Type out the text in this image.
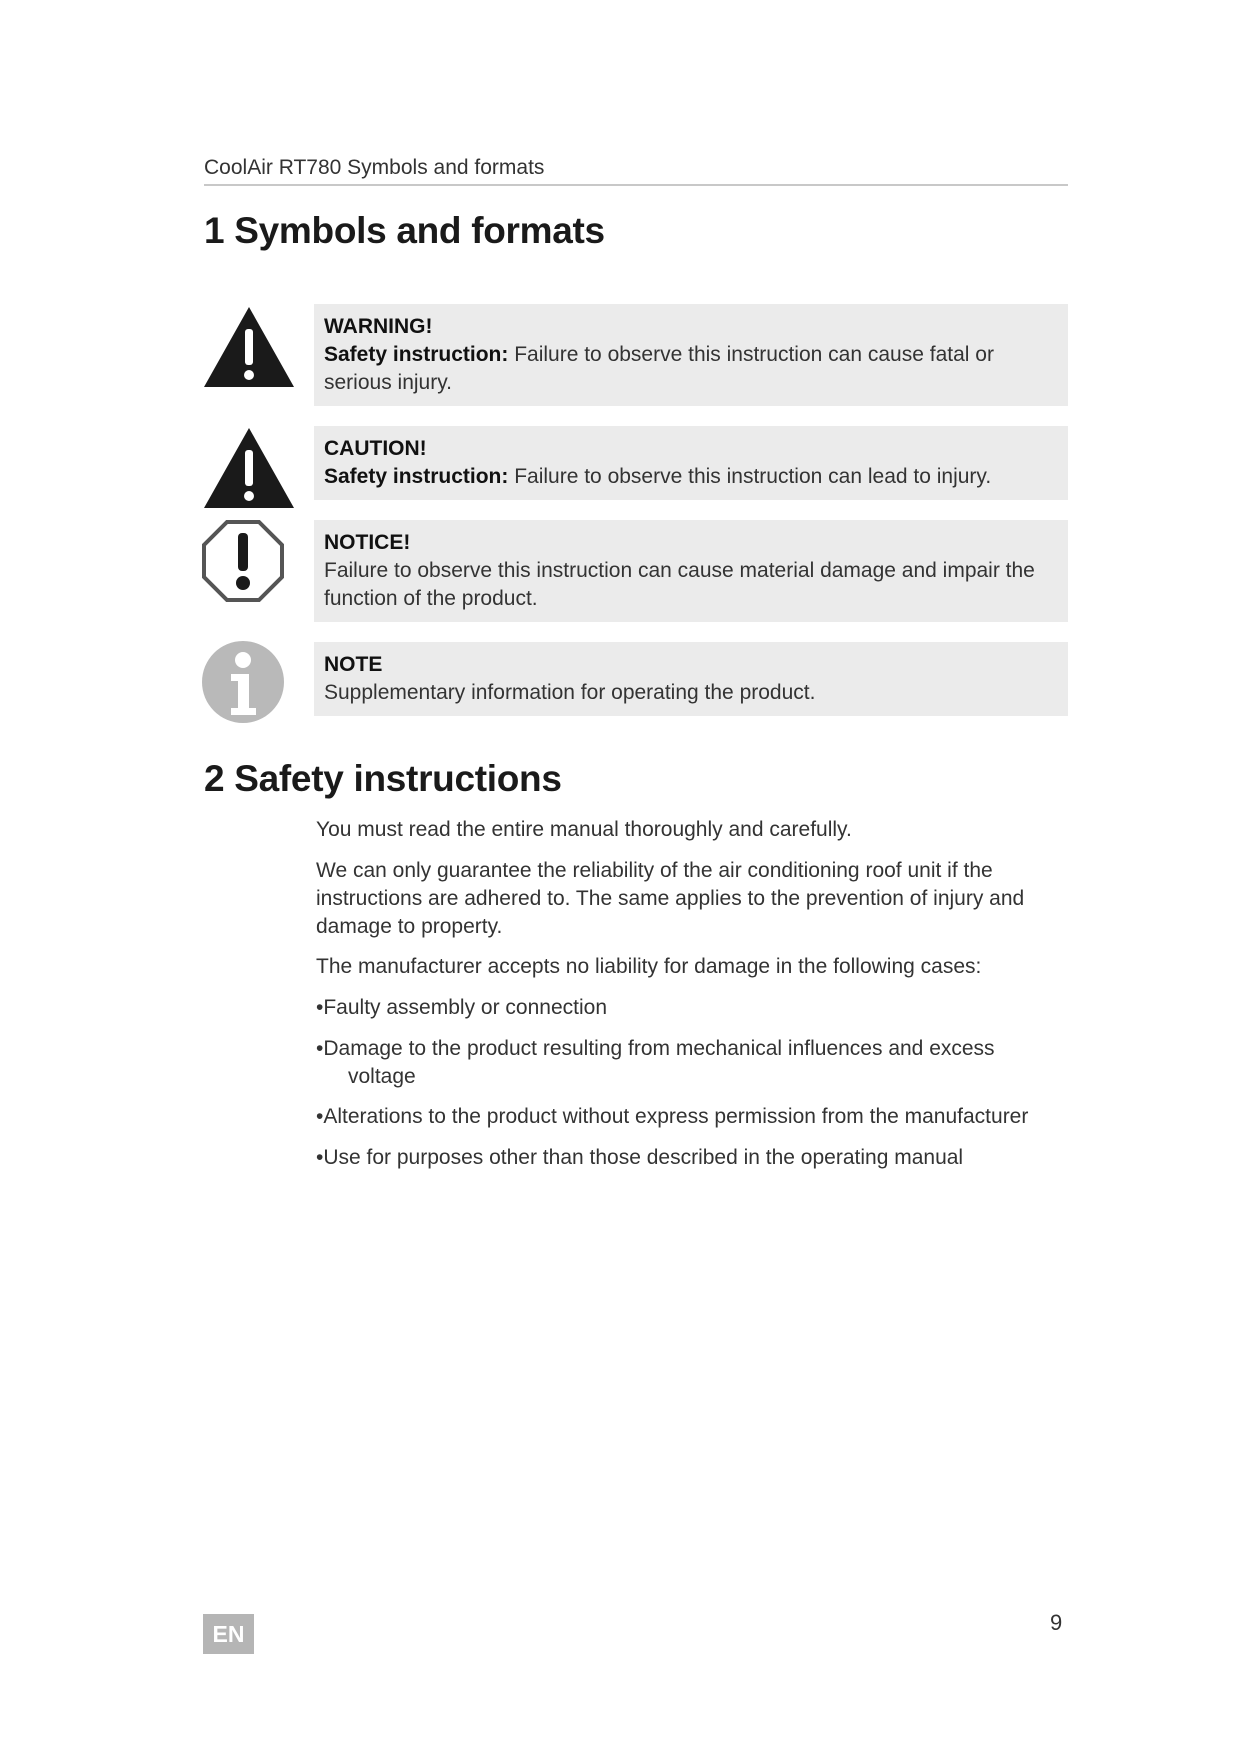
CoolAir RT780 Symbols and formats
1 Symbols and formats
WARNING!
Safety instruction: Failure to observe this instruction can cause fatal or serious injury.
CAUTION!
Safety instruction: Failure to observe this instruction can lead to injury.
NOTICE!
Failure to observe this instruction can cause material damage and impair the function of the product.
NOTE
Supplementary information for operating the product.
2 Safety instructions

You must read the entire manual thoroughly and carefully.

We can only guarantee the reliability of the air conditioning roof unit if the instructions are adhered to. The same applies to the prevention of injury and damage to property.

The manufacturer accepts no liability for damage in the following cases:

•Faulty assembly or connection
•Damage to the product resulting from mechanical influences and excess
voltage
•Alterations to the product without express permission from the manufacturer
•Use for purposes other than those described in the operating manual
EN	9
